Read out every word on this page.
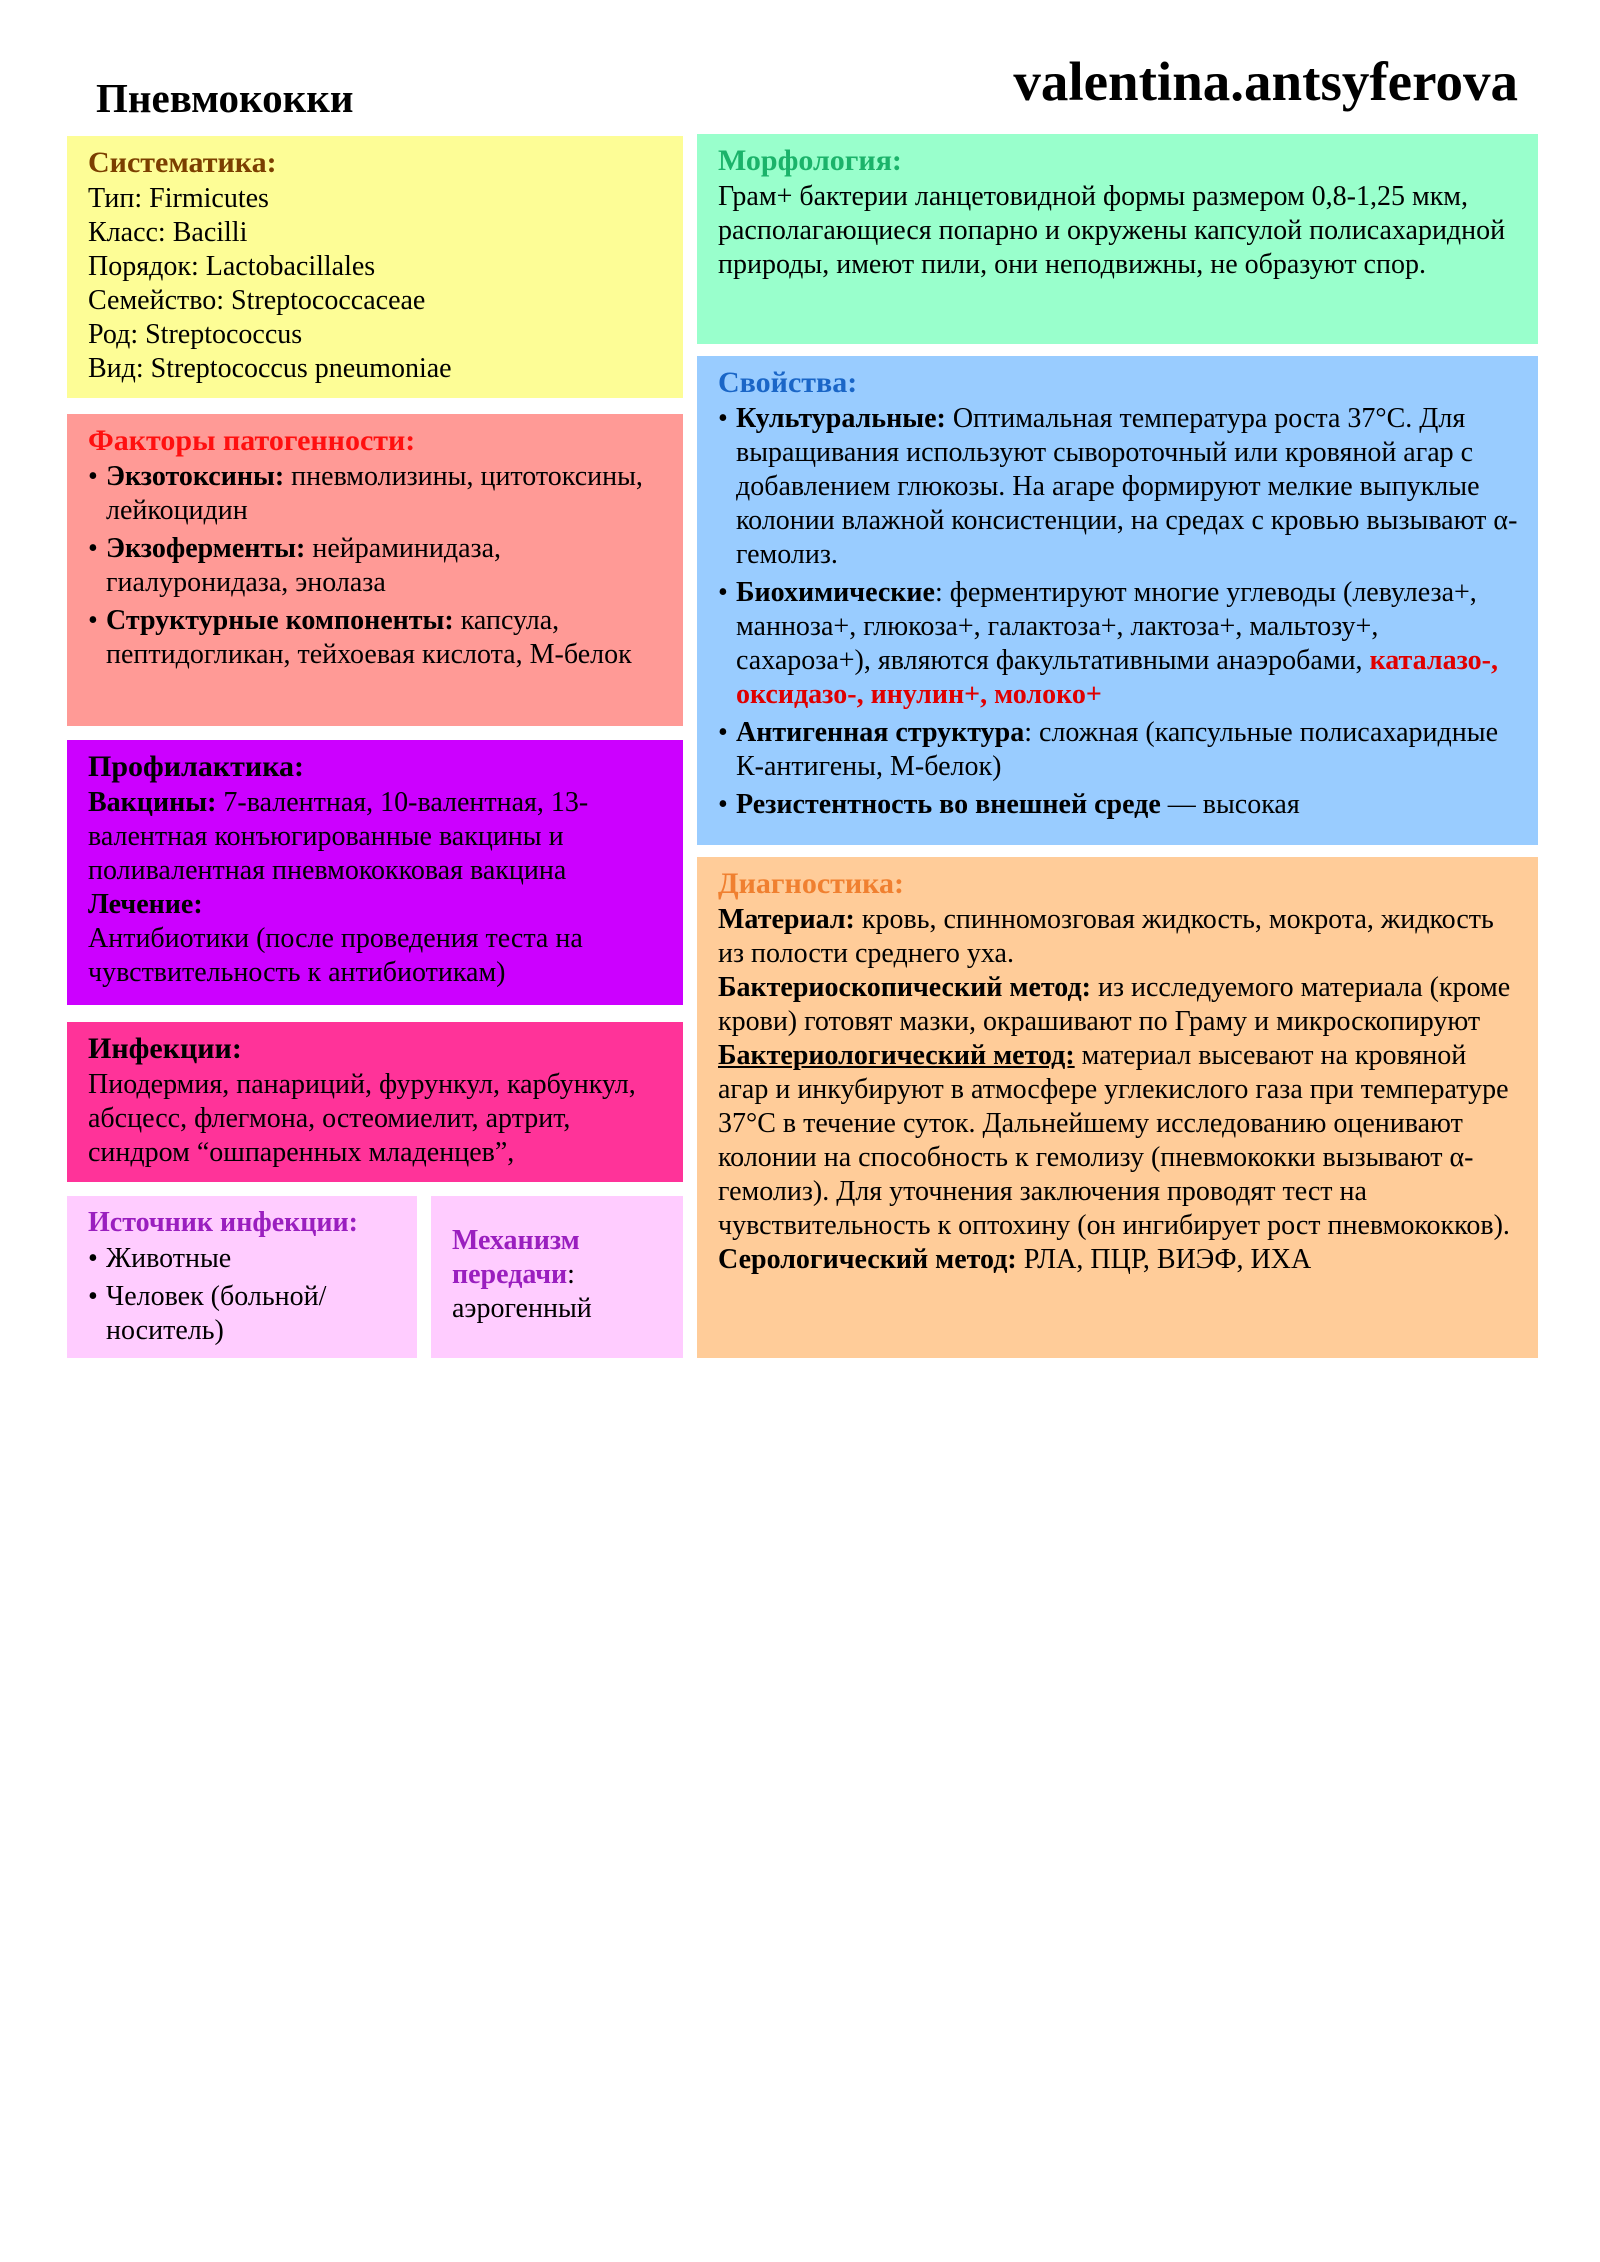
Пневмококки	valentina.antsyferova
Систематика:
Тип: Firmicutes
Класс: Bacilli
Порядок: Lactobacillales
Семейство: Streptococcaceae
Род: Streptococcus
Вид: Streptococcus pneumoniae
Факторы патогенности:
• Экзотоксины: пневмолизины, цитотоксины, лейкоцидин
• Экзоферменты: нейраминидаза, гиалуронидаза, энолаза
• Структурные компоненты: капсула, пептидогликан, тейхоевая кислота, М-белок
Профилактика:
Вакцины: 7-валентная, 10-валентная, 13-валентная конъюгированные вакцины и поливалентная пневмококковая вакцина
Лечение:
Антибиотики (после проведения теста на чувствительность к антибиотикам)
Инфекции:
Пиодермия, панариций, фурункул, карбункул, абсцесс, флегмона, остеомиелит, артрит, синдром “ошпаренных младенцев”,
Источник инфекции:
• Животные
• Человек (больной/носитель)
Механизм передачи:
аэрогенный
Морфология:
Грам+ бактерии ланцетовидной формы размером 0,8-1,25 мкм, располагающиеся попарно и окружены капсулой полисахаридной природы, имеют пили, они неподвижны, не образуют спор.
Свойства:
• Культуральные: Оптимальная температура роста 37°С. Для выращивания используют сывороточный или кровяной агар с добавлением глюкозы. На агаре формируют мелкие выпуклые колонии влажной консистенции, на средах с кровью вызывают α-гемолиз.
• Биохимические: ферментируют многие углеводы (левулеза+, манноза+, глюкоза+, галактоза+, лактоза+, мальтозу+, сахароза+), являются факультативными анаэробами, каталазо-, оксидазо-, инулин+, молоко+
• Антигенная структура: сложная (капсульные полисахаридные К-антигены, М-белок)
• Резистентность во внешней среде — высокая
Диагностика:
Материал: кровь, спинномозговая жидкость, мокрота, жидкость из полости среднего уха.
Бактериоскопический метод: из исследуемого материала (кроме крови) готовят мазки, окрашивают по Граму и микроскопируют
Бактериологический метод: материал высевают на кровяной агар и инкубируют в атмосфере углекислого газа при температуре 37°С в течение суток. Дальнейшему исследованию оценивают колонии на способность к гемолизу (пневмококки вызывают α-гемолиз). Для уточнения заключения проводят тест на чувствительность к оптохину (он ингибирует рост пневмококков).
Серологический метод: РЛА, ПЦР, ВИЭФ, ИХА
